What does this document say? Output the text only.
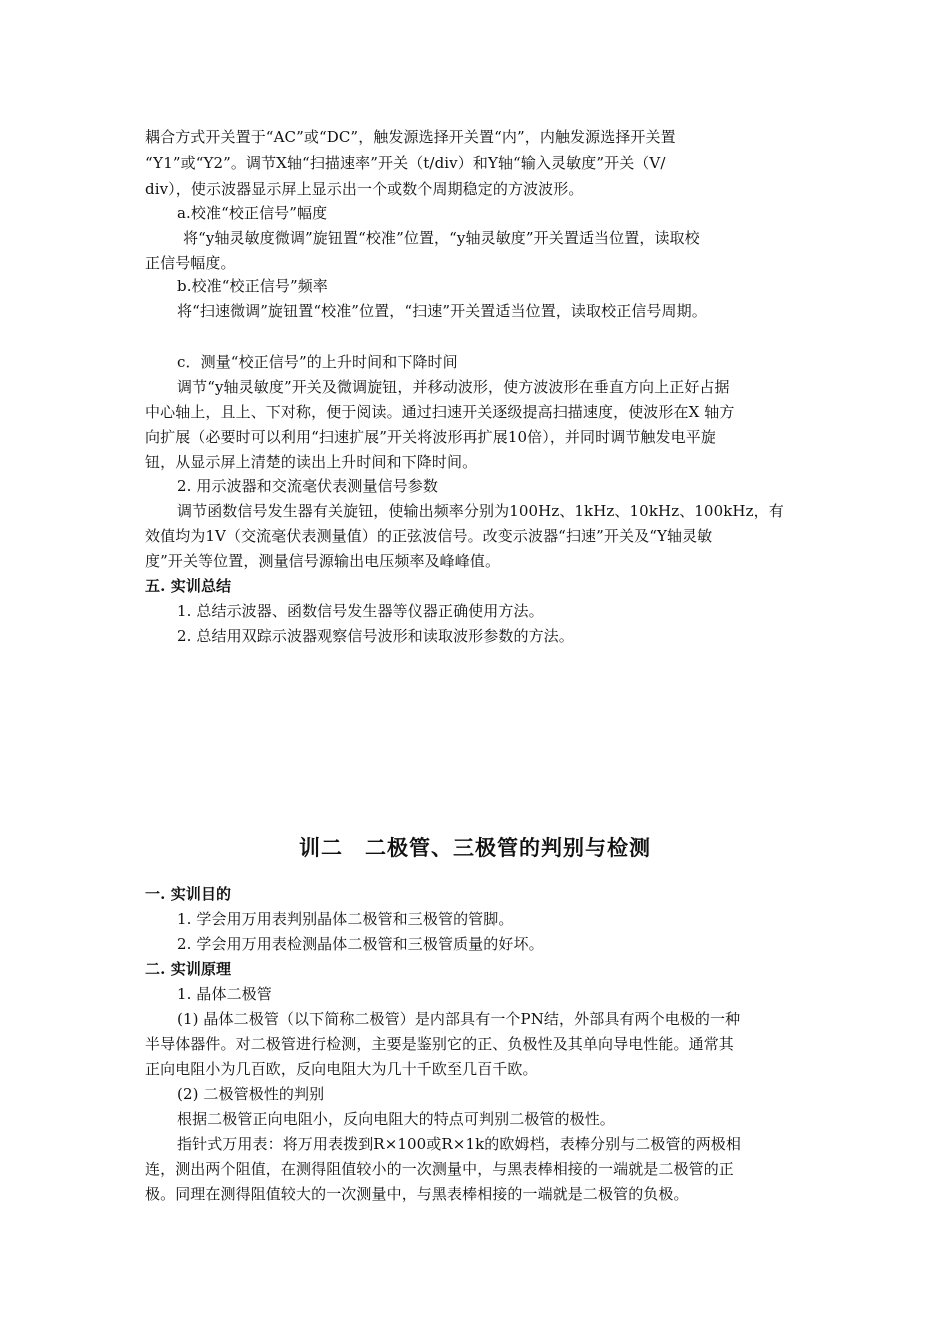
耦合方式开关置于“AC”或“DC”，触发源选择开关置“内”，内触发源选择开关置
“Y1”或“Y2”。调节X轴“扫描速率”开关（t/div）和Y轴“输入灵敏度”开关（V/
div），使示波器显示屏上显示出一个或数个周期稳定的方波波形。
a.校准“校正信号”幅度
将“y轴灵敏度微调”旋钮置“校准”位置，“y轴灵敏度”开关置适当位置，读取校
正信号幅度。
b.校准“校正信号”频率
将“扫速微调”旋钮置“校准”位置，“扫速”开关置适当位置，读取校正信号周期。
c．测量“校正信号”的上升时间和下降时间
调节“y轴灵敏度”开关及微调旋钮，并移动波形，使方波波形在垂直方向上正好占据
中心轴上，且上、下对称，便于阅读。通过扫速开关逐级提高扫描速度，使波形在X 轴方
向扩展（必要时可以利用“扫速扩展”开关将波形再扩展10倍），并同时调节触发电平旋
钮，从显示屏上清楚的读出上升时间和下降时间。
2. 用示波器和交流毫伏表测量信号参数
调节函数信号发生器有关旋钮，使输出频率分别为100Hz、1kHz、10kHz、100kHz，有
效值均为1V（交流毫伏表测量值）的正弦波信号。改变示波器“扫速”开关及“Y轴灵敏
度”开关等位置，测量信号源输出电压频率及峰峰值。
五. 实训总结
1. 总结示波器、函数信号发生器等仪器正确使用方法。
2. 总结用双踪示波器观察信号波形和读取波形参数的方法。
训二　二极管、三极管的判别与检测
一. 实训目的
1. 学会用万用表判别晶体二极管和三极管的管脚。
2. 学会用万用表检测晶体二极管和三极管质量的好坏。
二. 实训原理
1. 晶体二极管
(1) 晶体二极管（以下简称二极管）是内部具有一个PN结，外部具有两个电极的一种
半导体器件。对二极管进行检测，主要是鉴别它的正、负极性及其单向导电性能。通常其
正向电阻小为几百欧，反向电阻大为几十千欧至几百千欧。
(2) 二极管极性的判别
根据二极管正向电阻小，反向电阻大的特点可判别二极管的极性。
指针式万用表：将万用表拨到R×100或R×1k的欧姆档，表棒分别与二极管的两极相
连，测出两个阻值，在测得阻值较小的一次测量中，与黑表棒相接的一端就是二极管的正
极。同理在测得阻值较大的一次测量中，与黑表棒相接的一端就是二极管的负极。
